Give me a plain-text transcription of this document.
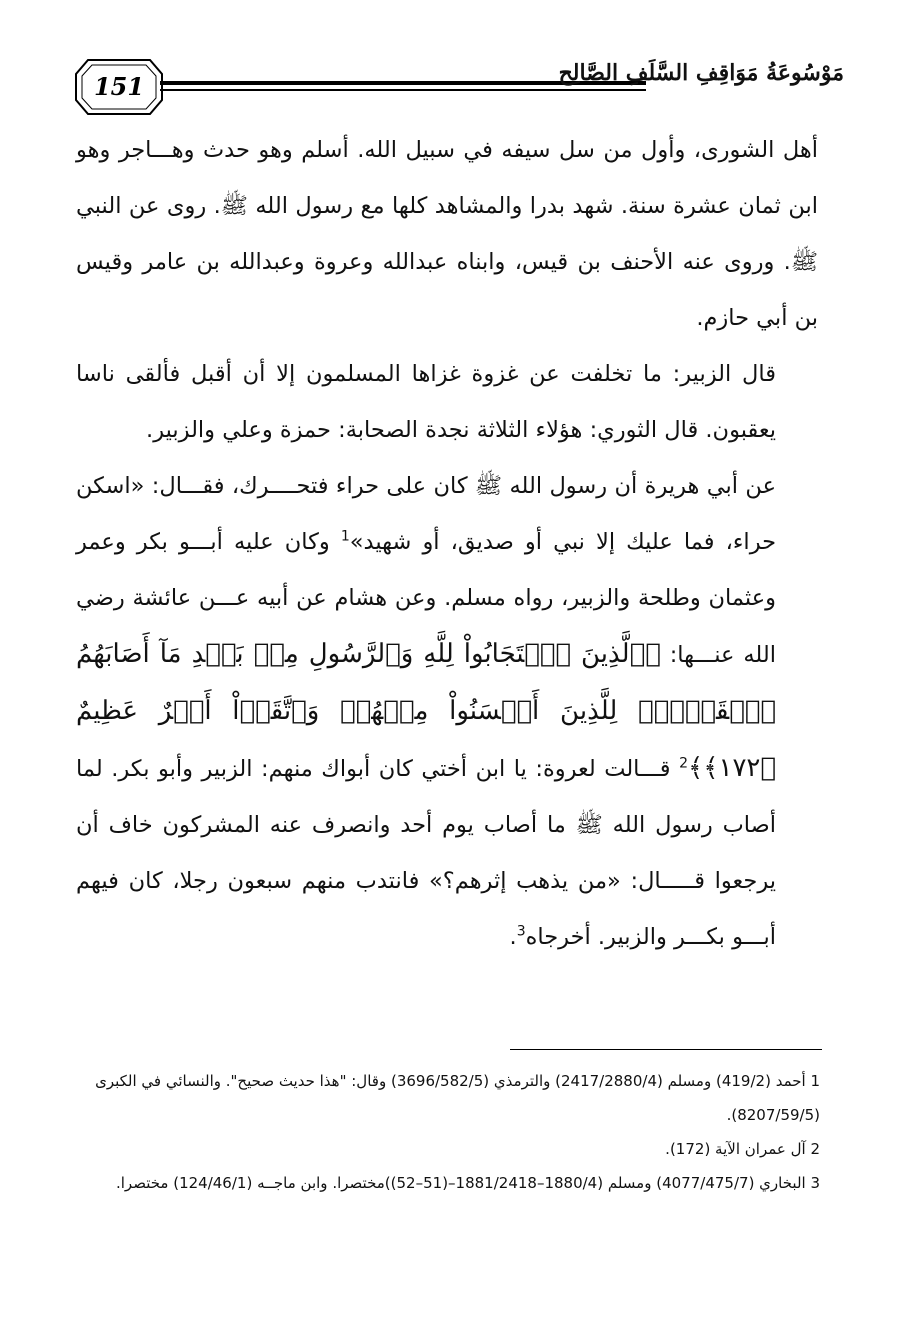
151	مَوْسُوعَةُ مَوَاقِفِ السَّلَفِ الصَّالِح

أهل الشورى، وأول من سل سيفه في سبيل الله. أسلم وهو حدث وهـــاجر وهو ابن ثمان عشرة سنة. شهد بدرا والمشاهد كلها مع رسول الله ﷺ. روى عن النبي ﷺ. وروى عنه الأحنف بن قيس، وابناه عبدالله وعروة وعبدالله بن عامر وقيس بن أبي حازم.

قال الزبير: ما تخلفت عن غزوة غزاها المسلمون إلا أن أقبل فألقى ناسا يعقبون. قال الثوري: هؤلاء الثلاثة نجدة الصحابة: حمزة وعلي والزبير.

عن أبي هريرة أن رسول الله ﷺ كان على حراء فتحــــرك، فقـــال: «اسكن حراء، فما عليك إلا نبي أو صديق، أو شهيد»$^1$ وكان عليه أبـــو بكر وعمر وعثمان وطلحة والزبير، رواه مسلم. وعن هشام عن أبيه عـــن عائشة رضي الله عنـــها: ﴿ٱلَّذِينَ ٱسۡتَجَابُواْ لِلَّهِ وَٱلرَّسُولِ مِنۢ بَعۡدِ مَآ أَصَابَهُمُ ٱلۡقَرۡحُۚ لِلَّذِينَ أَحۡسَنُواْ مِنۡهُمۡ وَٱتَّقَوۡاْ أَجۡرٌ عَظِيمٌ ﴿١٧٢﴾﴾$^2$ قـــالت لعروة: يا ابن أختي كان أبواك منهم: الزبير وأبو بكر. لما أصاب رسول الله ﷺ ما أصاب يوم أحد وانصرف عنه المشركون خاف أن يرجعوا قـــــال: «من يذهب إثرهم؟» فانتدب منهم سبعون رجلا، كان فيهم أبـــو بكـــر والزبير. أخرجاه$^3$.

1 أحمد (419/2) ومسلم (2417/2880/4) والترمذي (3696/582/5) وقال: "هذا حديث صحيح". والنسائي في الكبرى (8207/59/5).

2 آل عمران الآية (172).

3 البخاري (4077/475/7) ومسلم (1880/4–1881/2418–(51–52))مختصرا. وابن ماجــه (124/46/1) مختصرا.
